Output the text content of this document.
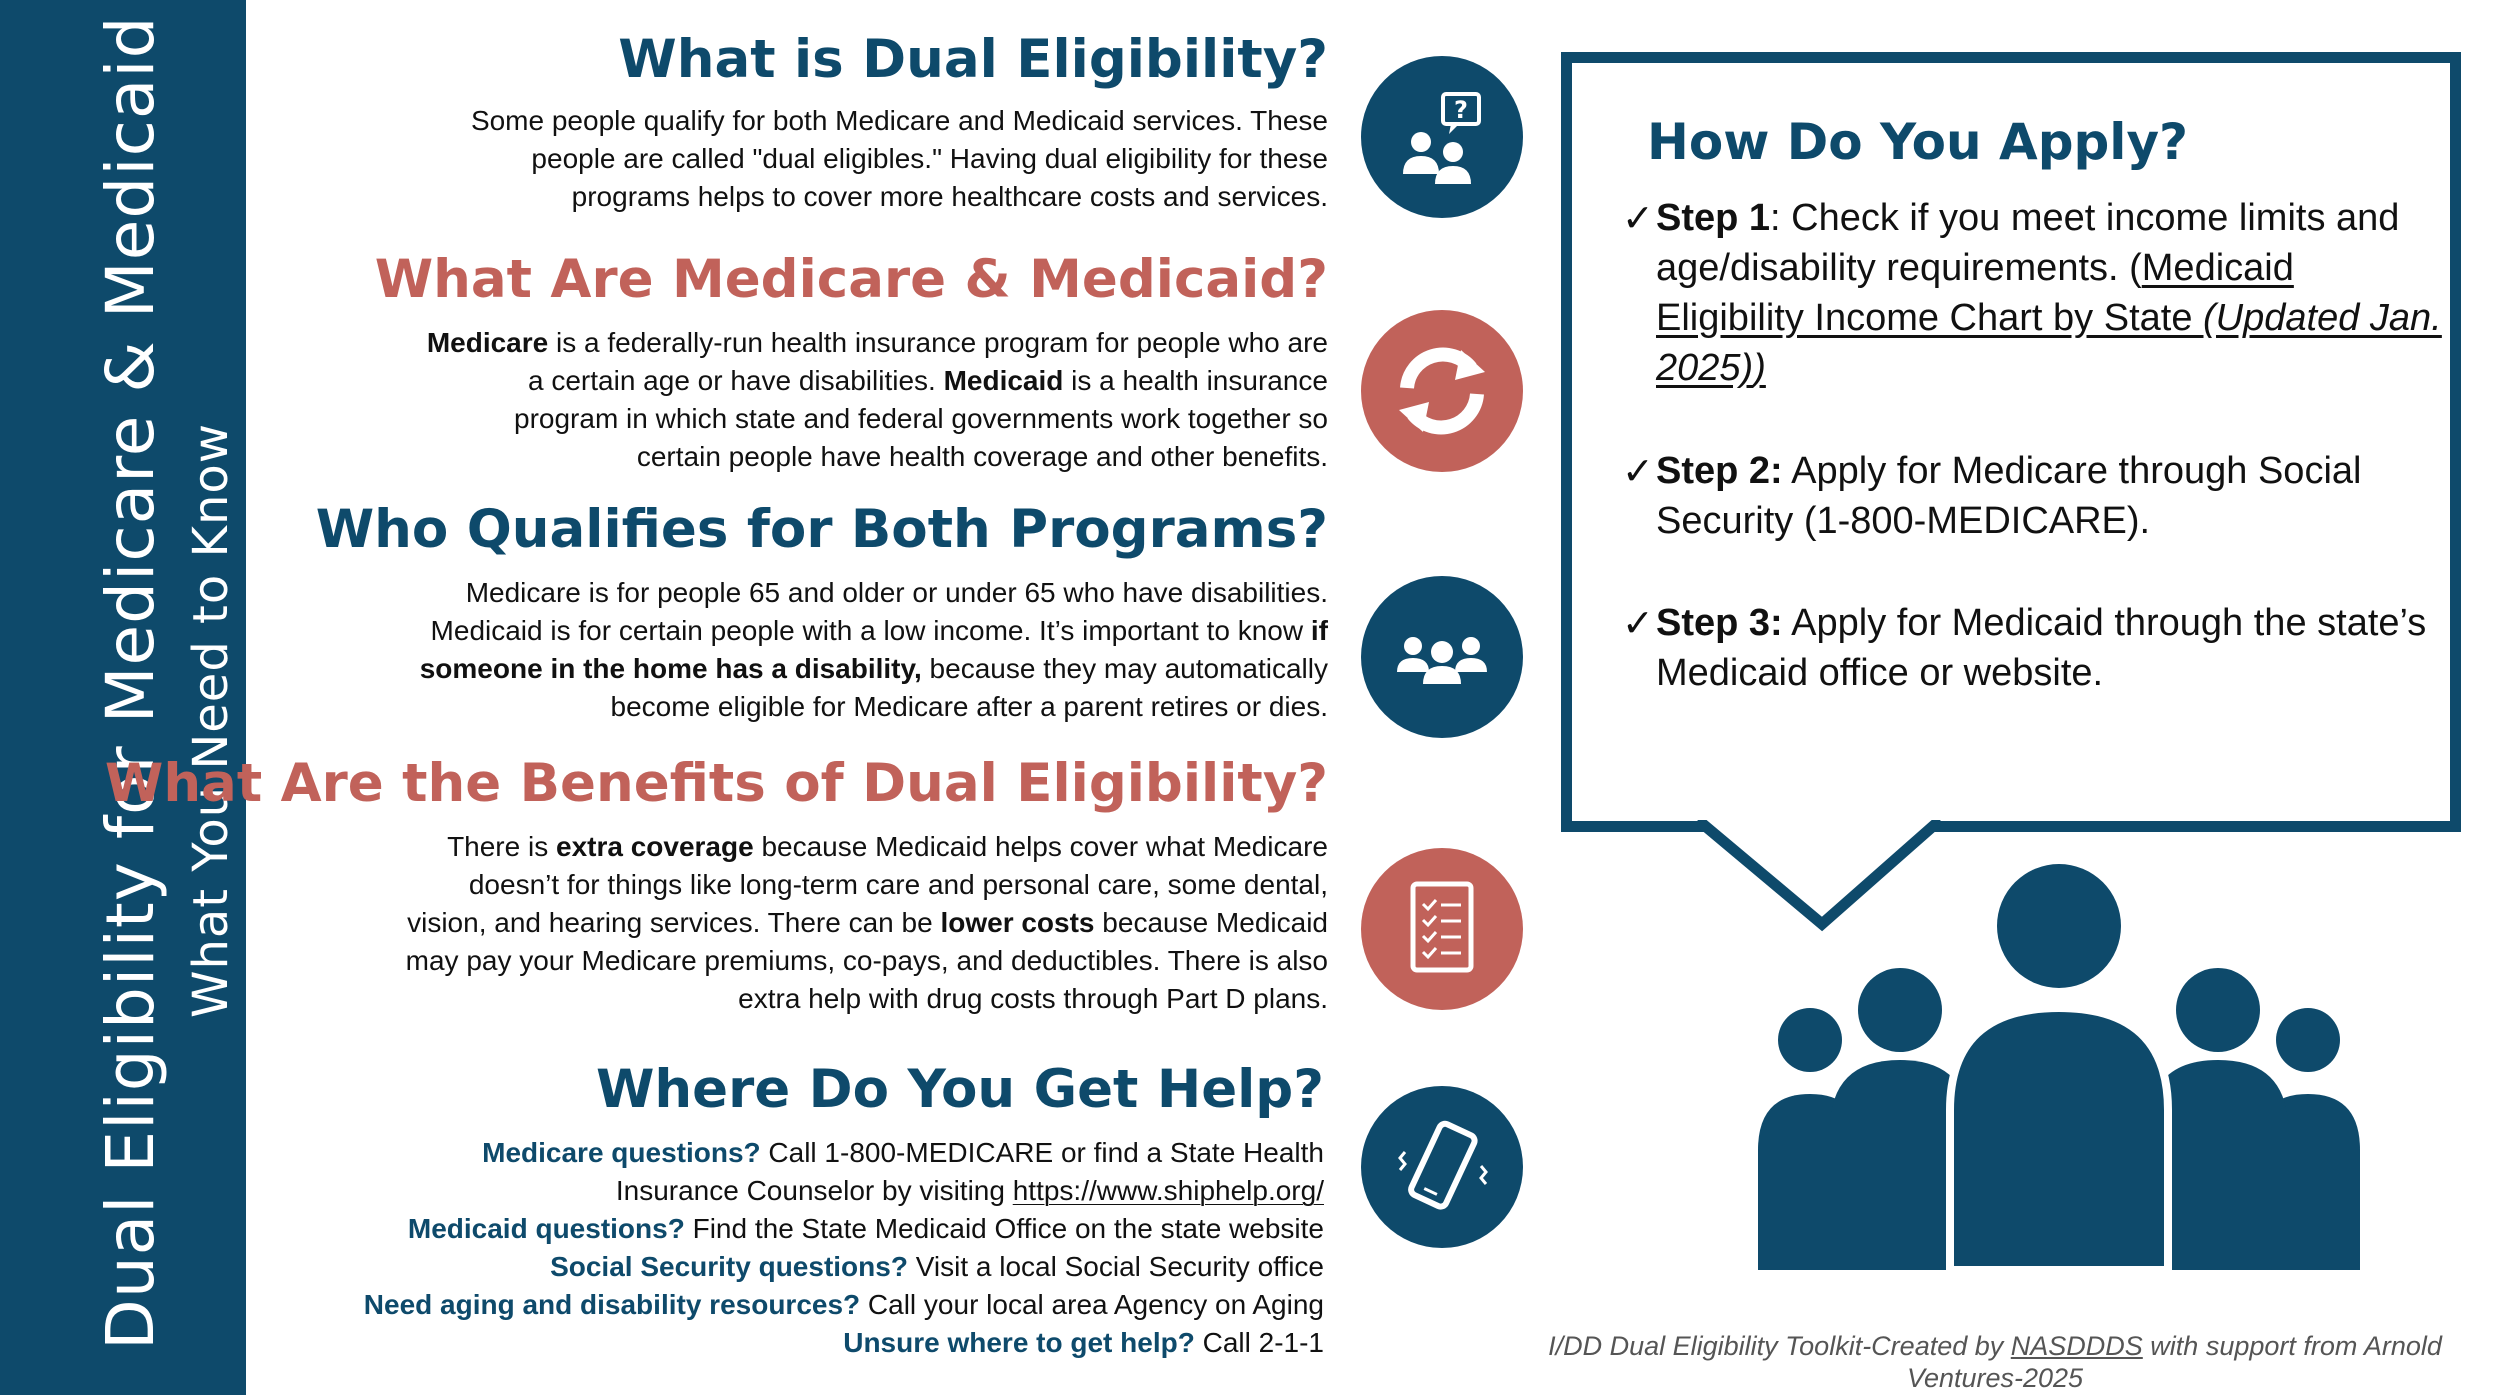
Dual Eligibility for Medicare & Medicaid What You Need to Know
What is Dual Eligibility?
Some people qualify for both Medicare and Medicaid services. These
people are called "dual eligibles." Having dual eligibility for these
programs helps to cover more healthcare costs and services.
What Are Medicare & Medicaid?
Medicare is a federally-run health insurance program for people who are
a certain age or have disabilities. Medicaid is a health insurance
program in which state and federal governments work together so
certain people have health coverage and other benefits.
Who Qualifies for Both Programs?
Medicare is for people 65 and older or under 65 who have disabilities.
Medicaid is for certain people with a low income. It’s important to know if
someone in the home has a disability, because they may automatically
become eligible for Medicare after a parent retires or dies.
What Are the Benefits of Dual Eligibility?
There is extra coverage because Medicaid helps cover what Medicare
doesn’t for things like long-term care and personal care, some dental,
vision, and hearing services. There can be lower costs because Medicaid
may pay your Medicare premiums, co-pays, and deductibles. There is also
extra help with drug costs through Part D plans.
Where Do You Get Help?
Medicare questions? Call 1-800-MEDICARE or find a State Health
Insurance Counselor by visiting https://www.shiphelp.org/
Medicaid questions? Find the State Medicaid Office on the state website
Social Security questions? Visit a local Social Security office
Need aging and disability resources? Call your local area Agency on Aging
Unsure where to get help? Call 2-1-1
?
How Do You Apply?
✓ Step 1: Check if you meet income limits and age/disability requirements. (Medicaid Eligibility Income Chart by State (Updated Jan. 2025))
✓ Step 2: Apply for Medicare through Social Security (1-800-MEDICARE).
✓ Step 3: Apply for Medicaid through the state’s Medicaid office or website.
I/DD Dual Eligibility Toolkit-Created by NASDDDS with support from Arnold Ventures-2025
